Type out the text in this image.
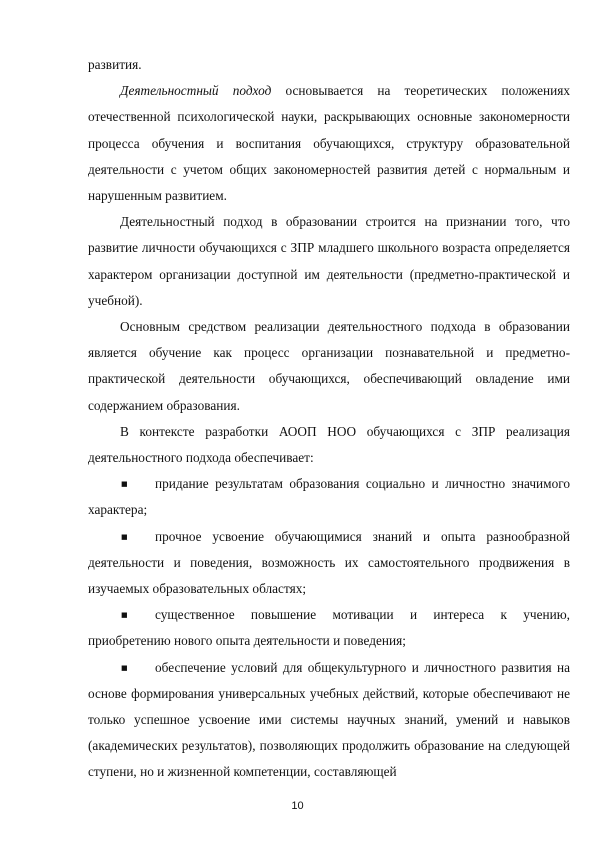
развития.

Деятельностный подход основывается на теоретических положениях отечественной психологической науки, раскрывающих основные закономерности процесса обучения и воспитания обучающихся, структуру образовательной деятельности с учетом общих закономерностей развития детей с нормальным и нарушенным развитием.

Деятельностный подход в образовании строится на признании того, что развитие личности обучающихся с ЗПР младшего школьного возраста определяется характером организации доступной им деятельности (предметно-практической и учебной).

Основным средством реализации деятельностного подхода в образовании является обучение как процесс организации познавательной и предметно-практической деятельности обучающихся, обеспечивающий овладение ими содержанием образования.

В контексте разработки АООП НОО обучающихся с ЗПР реализация деятельностного подхода обеспечивает:

■ придание результатам образования социально и личностно значимого характера;

■ прочное усвоение обучающимися знаний и опыта разнообразной деятельности и поведения, возможность их самостоятельного продвижения в изучаемых образовательных областях;

■ существенное повышение мотивации и интереса к учению, приобретению нового опыта деятельности и поведения;

■ обеспечение условий для общекультурного и личностного развития на основе формирования универсальных учебных действий, которые обеспечивают не только успешное усвоение ими системы научных знаний, умений и навыков (академических результатов), позволяющих продолжить образование на следующей ступени, но и жизненной компетенции, составляющей

10
